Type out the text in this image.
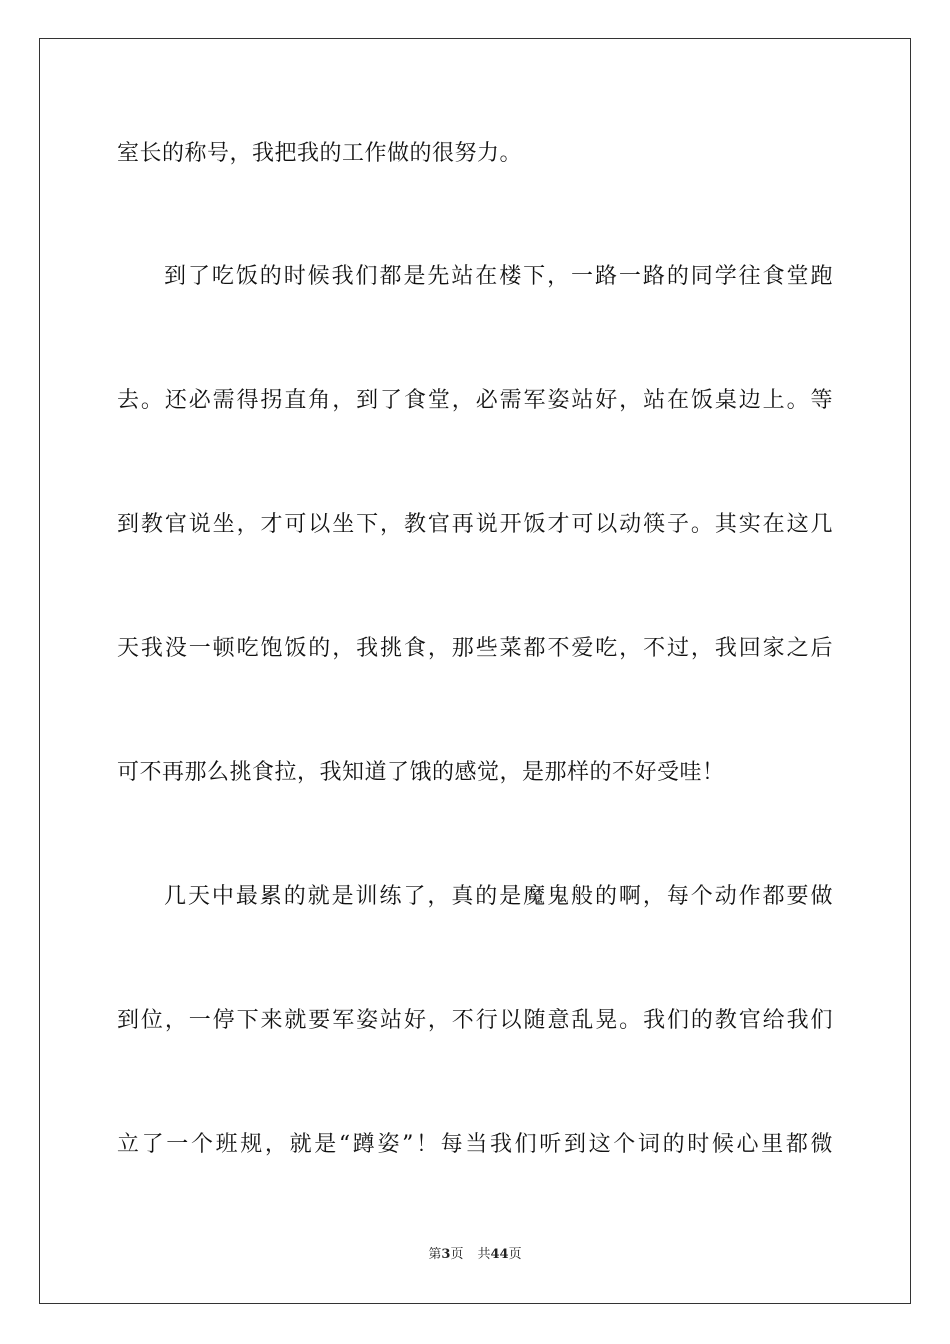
室长的称号，我把我的工作做的很努力。
到了吃饭的时候我们都是先站在楼下，一路一路的同学往食堂跑
去。还必需得拐直角，到了食堂，必需军姿站好，站在饭桌边上。等
到教官说坐，才可以坐下，教官再说开饭才可以动筷子。其实在这几
天我没一顿吃饱饭的，我挑食，那些菜都不爱吃，不过，我回家之后
可不再那么挑食拉，我知道了饿的感觉，是那样的不好受哇！
几天中最累的就是训练了，真的是魔鬼般的啊，每个动作都要做
到位，一停下来就要军姿站好，不行以随意乱晃。我们的教官给我们
立了一个班规，就是“蹲姿”！每当我们听到这个词的时候心里都微
第3页 共44页
